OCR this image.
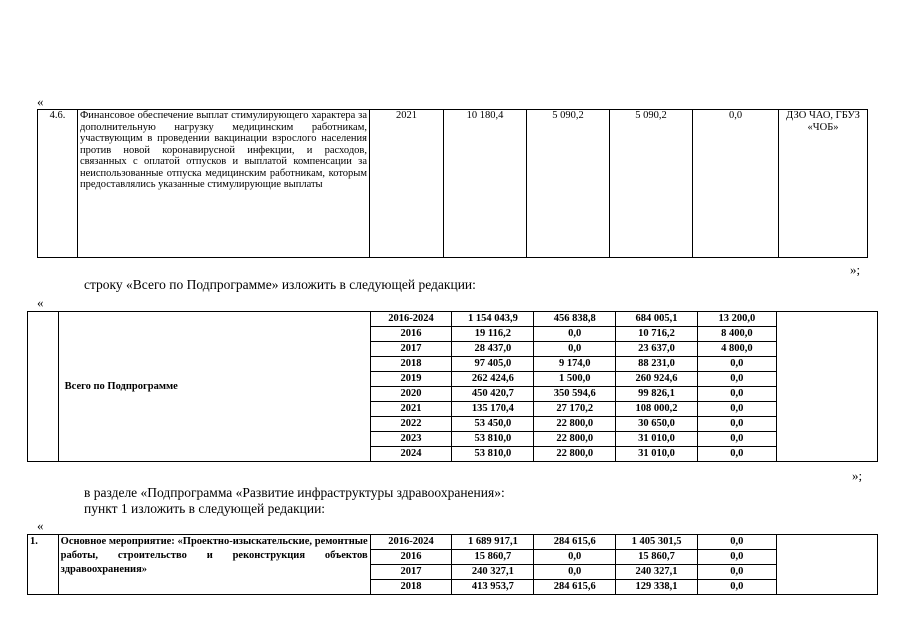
«
4.6.	Финансовое обеспечение выплат стимулирующего характера за дополнительную нагрузку медицинским работникам, участвующим в проведении вакцинации взрослого населения против новой коронавирусной инфекции, и расходов, связанных с оплатой отпусков и выплатой компенсации за неиспользованные отпуска медицинским работникам, которым предоставлялись указанные стимулирующие выплаты	2021	10 180,4	5 090,2	5 090,2	0,0	ДЗО ЧАО, ГБУЗ «ЧОБ»
»;
строку «Всего по Подпрограмме» изложить в следующей редакции:
«
	Всего по Подпрограмме	2016-2024	1 154 043,9	456 838,8	684 005,1	13 200,0	
		2016	19 116,2	0,0	10 716,2	8 400,0	
		2017	28 437,0	0,0	23 637,0	4 800,0	
		2018	97 405,0	9 174,0	88 231,0	0,0	
		2019	262 424,6	1 500,0	260 924,6	0,0	
		2020	450 420,7	350 594,6	99 826,1	0,0	
		2021	135 170,4	27 170,2	108 000,2	0,0	
		2022	53 450,0	22 800,0	30 650,0	0,0	
		2023	53 810,0	22 800,0	31 010,0	0,0	
		2024	53 810,0	22 800,0	31 010,0	0,0	
»;
в разделе «Подпрограмма «Развитие инфраструктуры здравоохранения»:
пункт 1 изложить в следующей редакции:
«
1.	Основное мероприятие: «Проектно-изыскательские, ремонтные работы, строительство и реконструкция объектов здравоохранения»	2016-2024	1 689 917,1	284 615,6	1 405 301,5	0,0	
		2016	15 860,7	0,0	15 860,7	0,0	
		2017	240 327,1	0,0	240 327,1	0,0	
		2018	413 953,7	284 615,6	129 338,1	0,0	
